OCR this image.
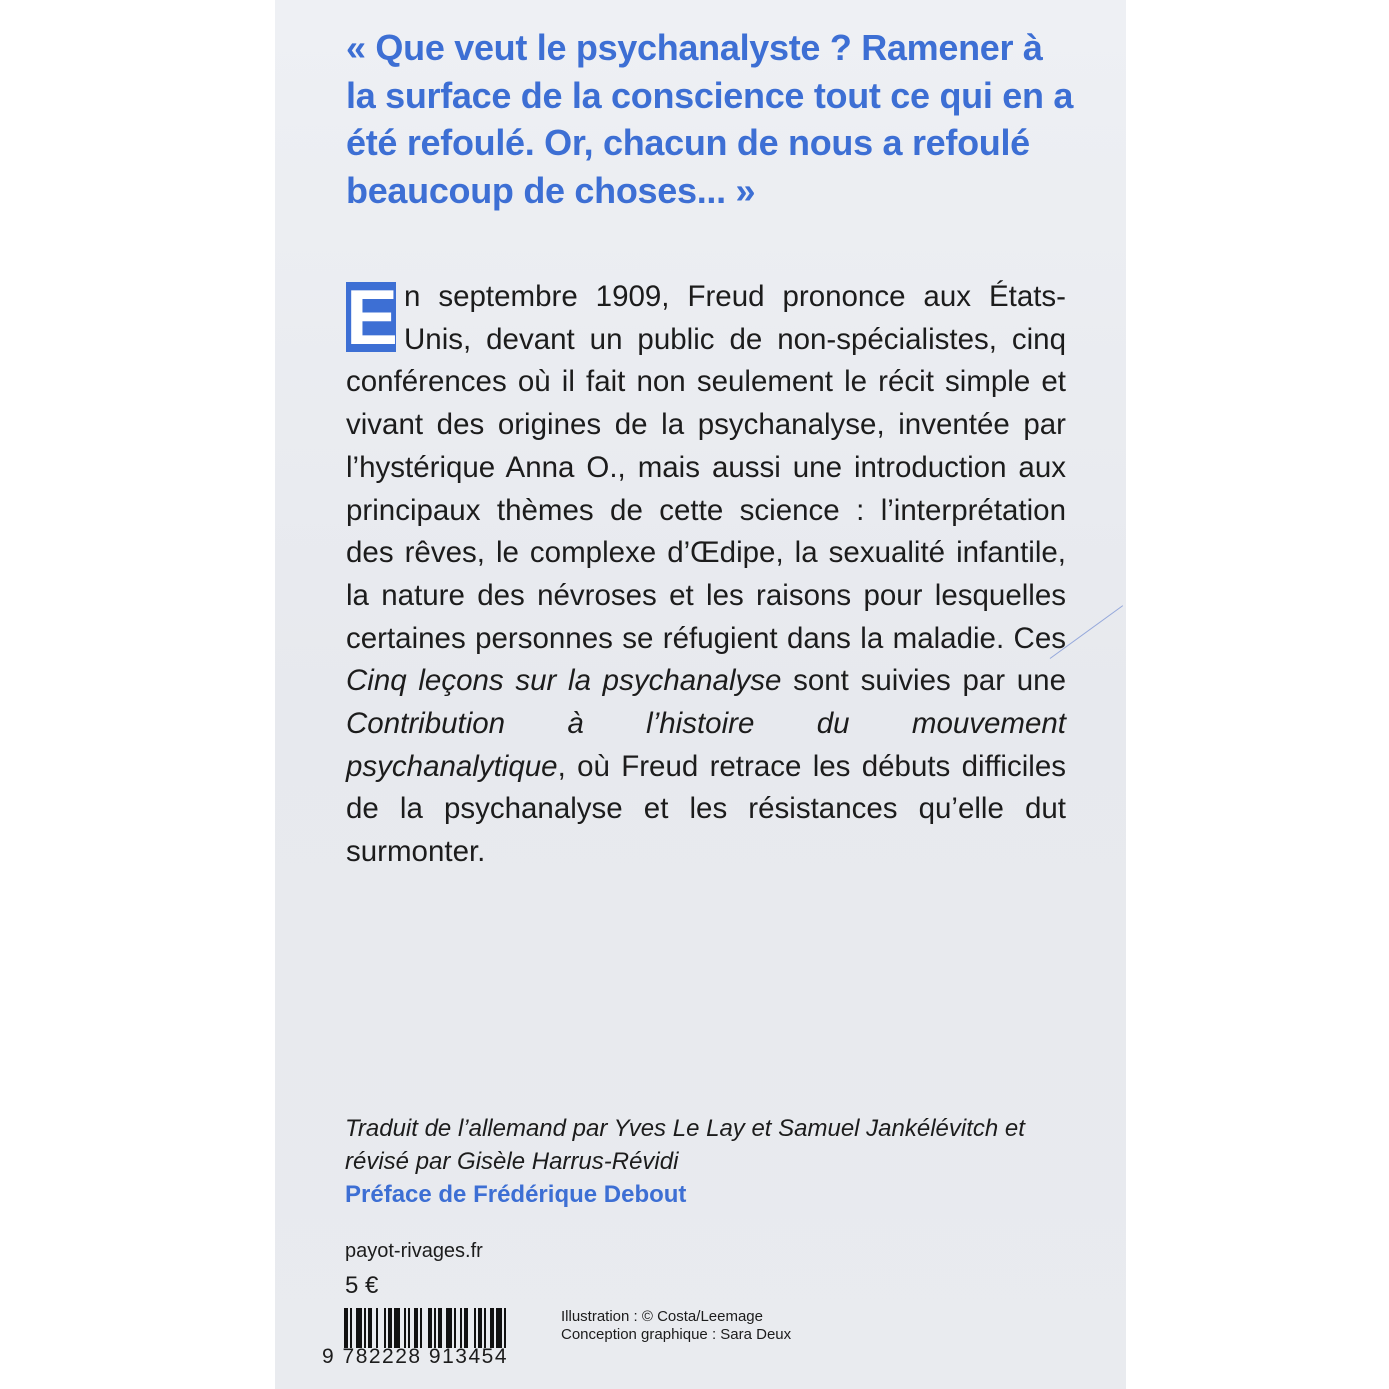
« Que veut le psychanalyste ? Ramener à la surface de la conscience tout ce qui en a été refoulé. Or, chacun de nous a refoulé beaucoup de choses... »

E n septembre 1909, Freud prononce aux États-Unis, devant un public de non-spécialistes, cinq conférences où il fait non seulement le récit simple et vivant des origines de la psychanalyse, inventée par l’hystérique Anna O., mais aussi une introduction aux principaux thèmes de cette science : l’interprétation des rêves, le complexe d’Œdipe, la sexualité infantile, la nature des névroses et les raisons pour lesquelles certaines personnes se réfugient dans la maladie. Ces Cinq leçons sur la psychanalyse sont suivies par une Contribution à l’histoire du mouvement psychanalytique, où Freud retrace les débuts difficiles de la psychanalyse et les résistances qu’elle dut surmonter.

Traduit de l’allemand par Yves Le Lay et Samuel Jankélévitch et révisé par Gisèle Harrus-Révidi
Préface de Frédérique Debout

payot-rivages.fr
5 €
9 782228 913454
Illustration : © Costa/Leemage
Conception graphique : Sara Deux
